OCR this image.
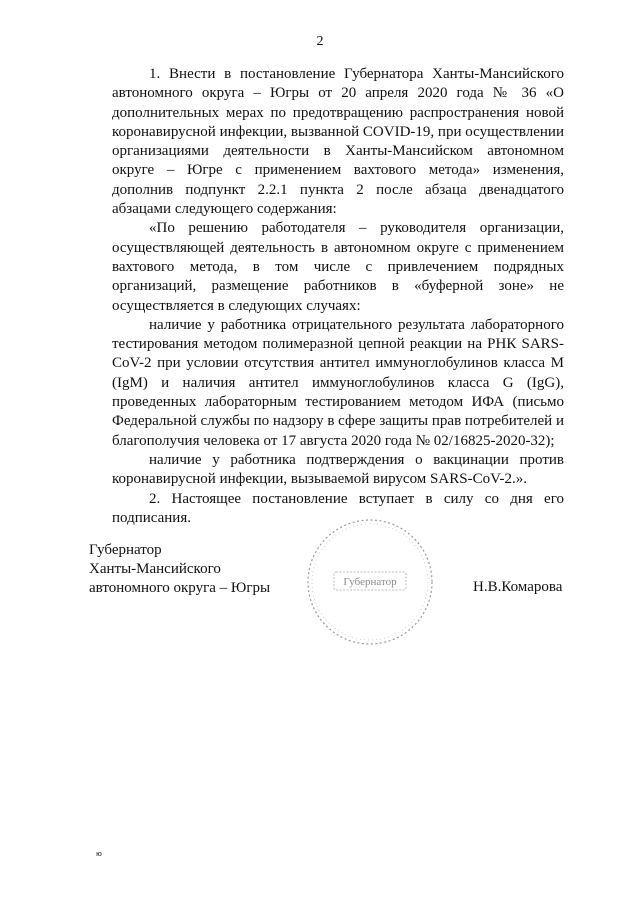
2

1. Внести в постановление Губернатора Ханты-Мансийского автономного округа – Югры от 20 апреля 2020 года № 36 «О дополнительных мерах по предотвращению распространения новой коронавирусной инфекции, вызванной COVID-19, при осуществлении организациями деятельности в Ханты-Мансийском автономном округе – Югре с применением вахтового метода» изменения, дополнив подпункт 2.2.1 пункта 2 после абзаца двенадцатого абзацами следующего содержания:

«По решению работодателя – руководителя организации, осуществляющей деятельность в автономном округе с применением вахтового метода, в том числе с привлечением подрядных организаций, размещение работников в «буферной зоне» не осуществляется в следующих случаях:

наличие у работника отрицательного результата лабораторного тестирования методом полимеразной цепной реакции на РНК SARS-CoV-2 при условии отсутствия антител иммуноглобулинов класса M (IgM) и наличия антител иммуноглобулинов класса G (IgG), проведенных лабораторным тестированием методом ИФА (письмо Федеральной службы по надзору в сфере защиты прав потребителей и благополучия человека от 17 августа 2020 года № 02/16825-2020-32);

наличие у работника подтверждения о вакцинации против коронавирусной инфекции, вызываемой вирусом SARS-CoV-2.».

2. Настоящее постановление вступает в силу со дня его подписания.

Губернатор
Ханты-Мансийского
автономного округа – Югры	Губернатор	Н.В.Комарова
ю
